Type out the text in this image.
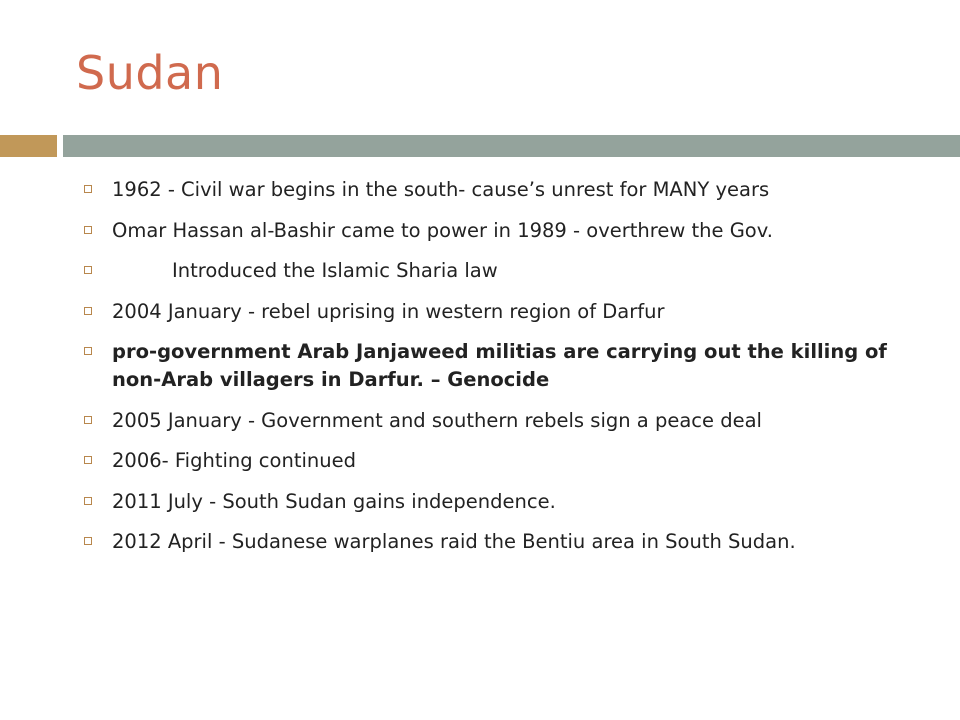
Sudan
1962 - Civil war begins in the south- cause’s unrest for MANY years
Omar Hassan al-Bashir came to power in 1989 - overthrew the Gov.
Introduced the Islamic Sharia law
2004 January - rebel uprising in western region of Darfur
pro-government Arab Janjaweed militias are carrying out the killing of non-Arab villagers in Darfur. – Genocide
2005 January - Government and southern rebels sign a peace deal
2006- Fighting continued
2011 July - South Sudan gains independence.
2012 April - Sudanese warplanes raid the Bentiu area in South Sudan.
